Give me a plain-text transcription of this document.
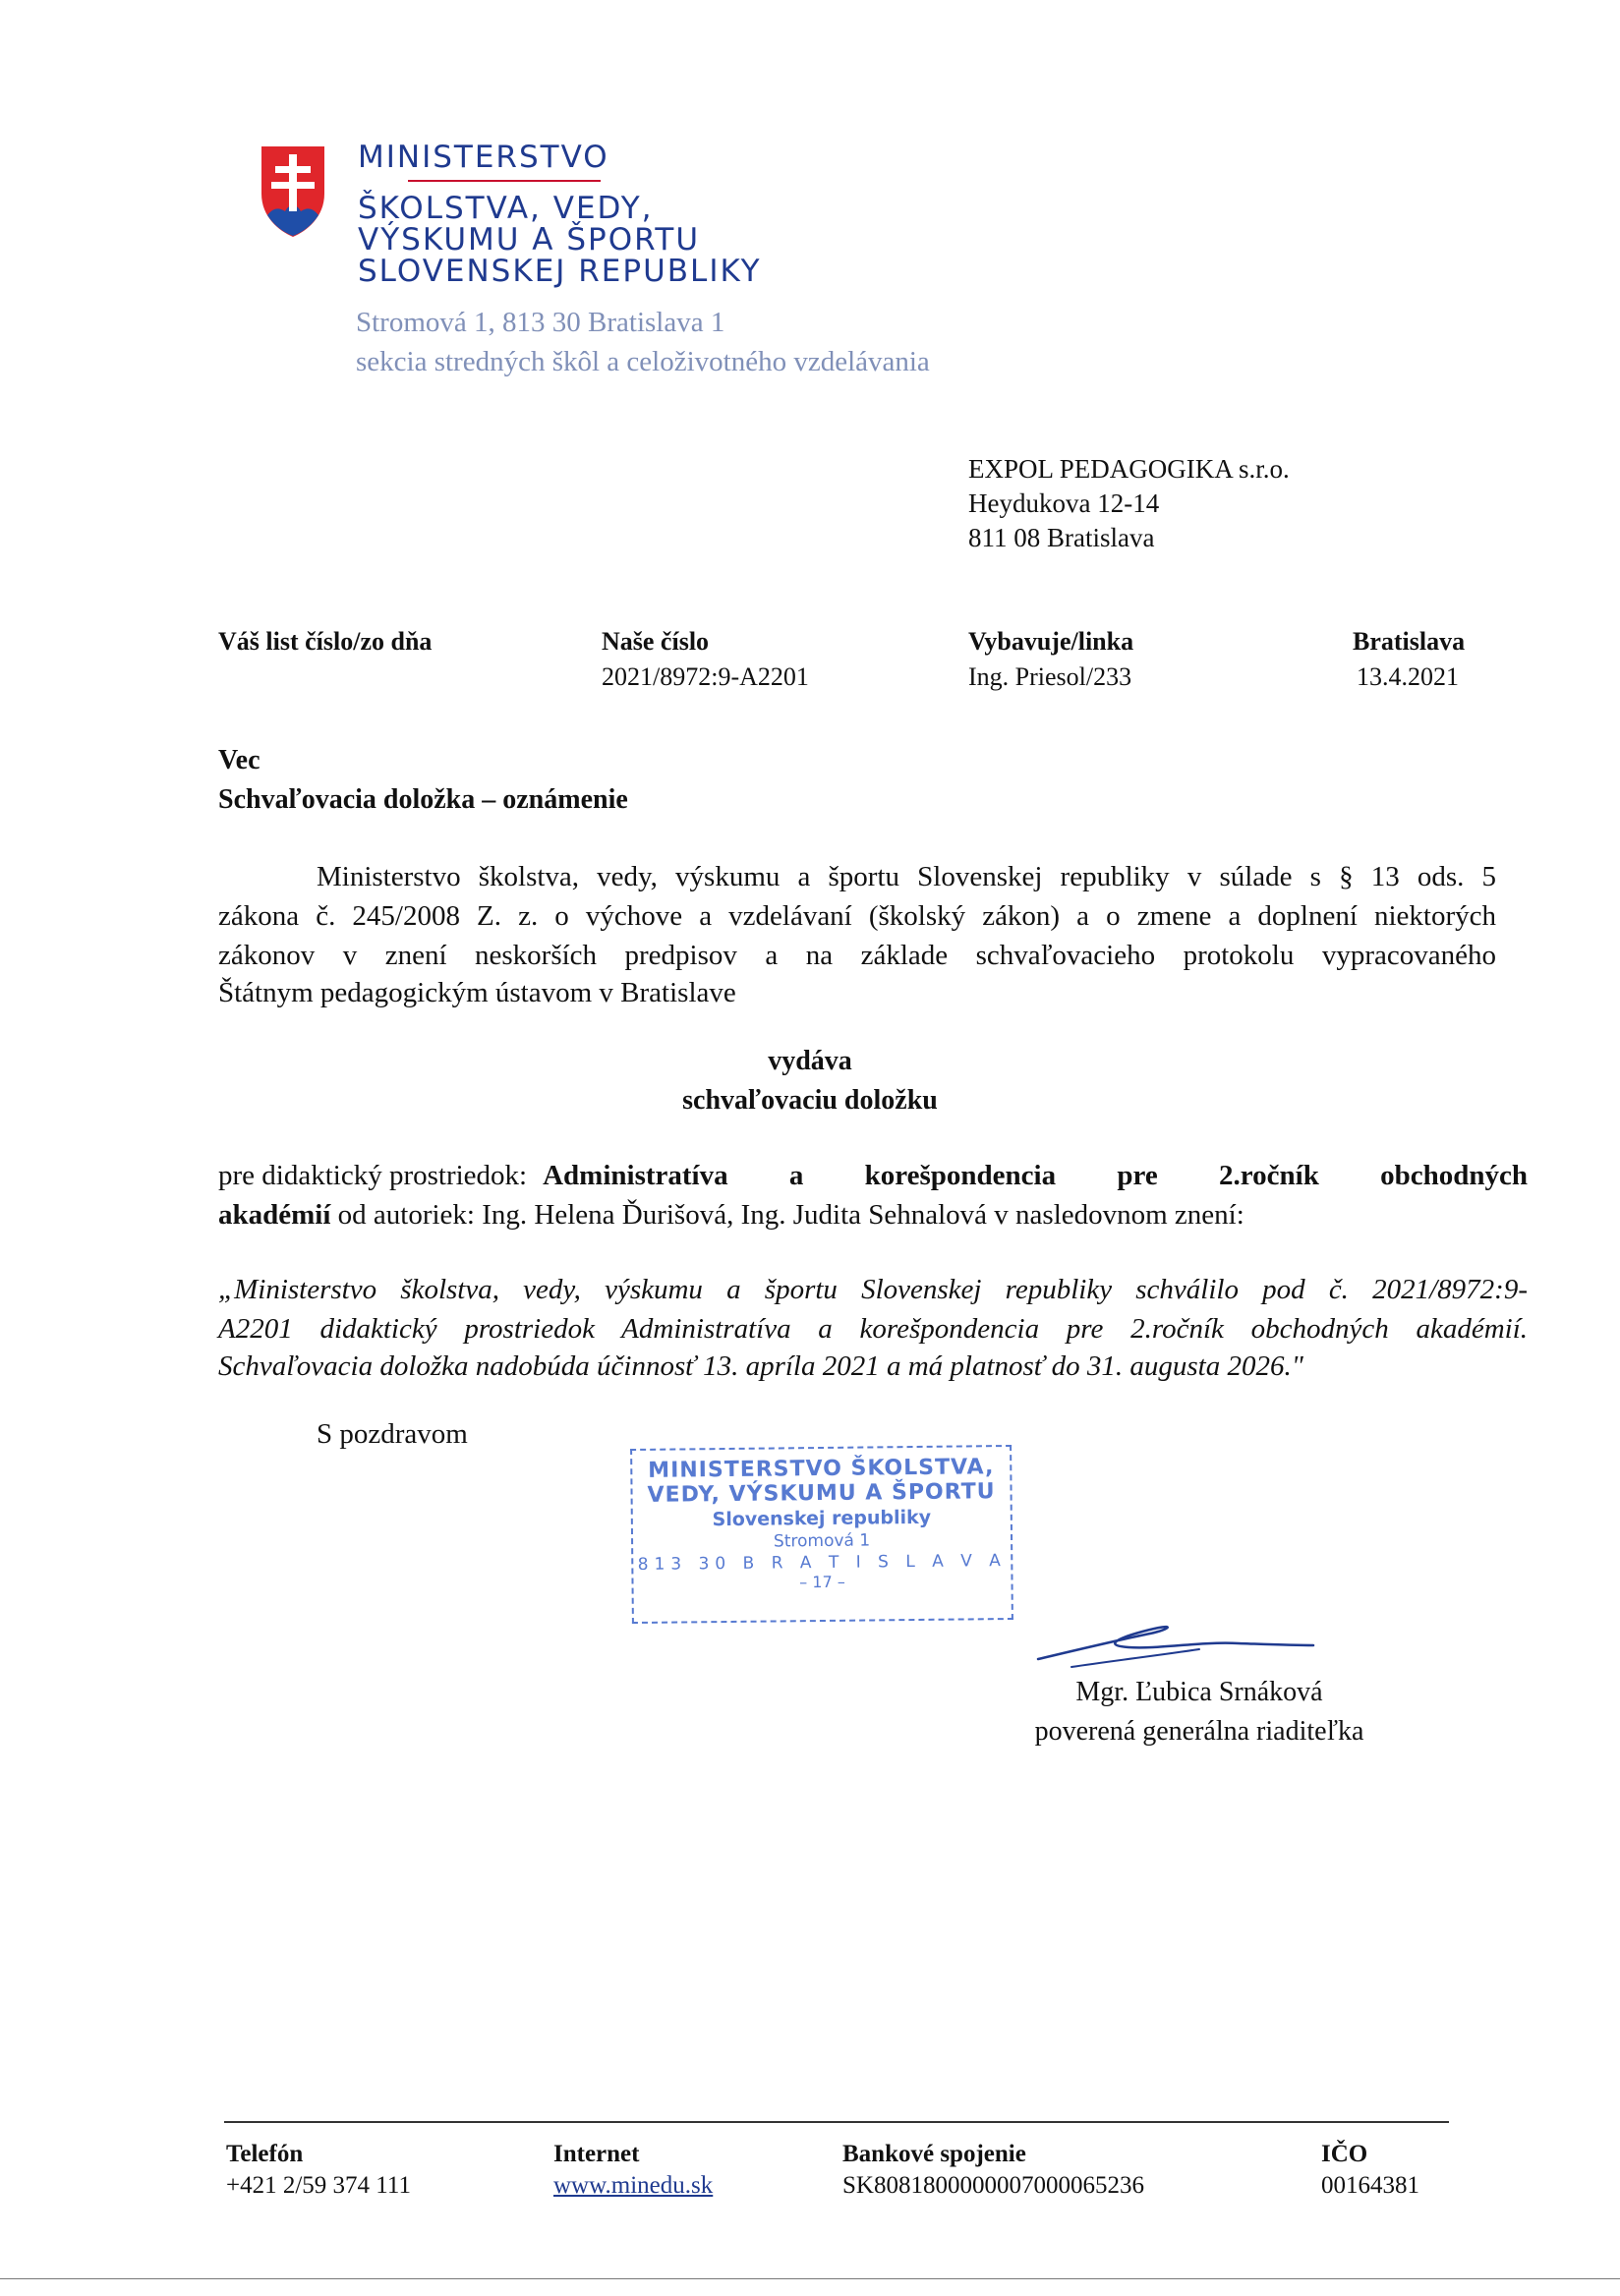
MINISTERSTVO
ŠKOLSTVA, VEDY,
VÝSKUMU A ŠPORTU
SLOVENSKEJ REPUBLIKY
Stromová 1, 813 30 Bratislava 1
sekcia stredných škôl a celoživotného vzdelávania
EXPOL PEDAGOGIKA s.r.o.
Heydukova 12-14
811 08 Bratislava
Váš list číslo/zo dňa	Naše číslo
2021/8972:9-A2201
Vybavuje/linka
Ing. Priesol/233
Bratislava
13.4.2021
Vec
Schvaľovacia doložka – oznámenie
Ministerstvo školstva, vedy, výskumu a športu Slovenskej republiky v súlade s § 13 ods. 5
zákona č. 245/2008 Z. z. o výchove a vzdelávaní (školský zákon) a o zmene a doplnení niektorých
zákonov v znení neskorších predpisov a na základe schvaľovacieho protokolu vypracovaného
Štátnym pedagogickým ústavom v Bratislave
vydáva
schvaľovaciu doložku
pre didaktický prostriedok: Administratíva a korešpondencia pre 2.ročník obchodných
akadémií od autoriek: Ing. Helena Ďurišová, Ing. Judita Sehnalová v nasledovnom znení:
„Ministerstvo školstva, vedy, výskumu a športu Slovenskej republiky schválilo pod č. 2021/8972:9-
A2201 didaktický prostriedok Administratíva a korešpondencia pre 2.ročník obchodných akadémií.
Schvaľovacia doložka nadobúda účinnosť 13. apríla 2021 a má platnosť do 31. augusta 2026."
S pozdravom
MINISTERSTVO ŠKOLSTVA,
VEDY, VÝSKUMU A ŠPORTU
Slovenskej republiky
Stromová 1
813 30 B R A T I S L A V A
– 17 –
Mgr. Ľubica Srnáková
poverená generálna riaditeľka
Telefón
+421 2/59 374 111
Internet
www.minedu.sk
Bankové spojenie
SK8081800000007000065236
IČO
00164381
